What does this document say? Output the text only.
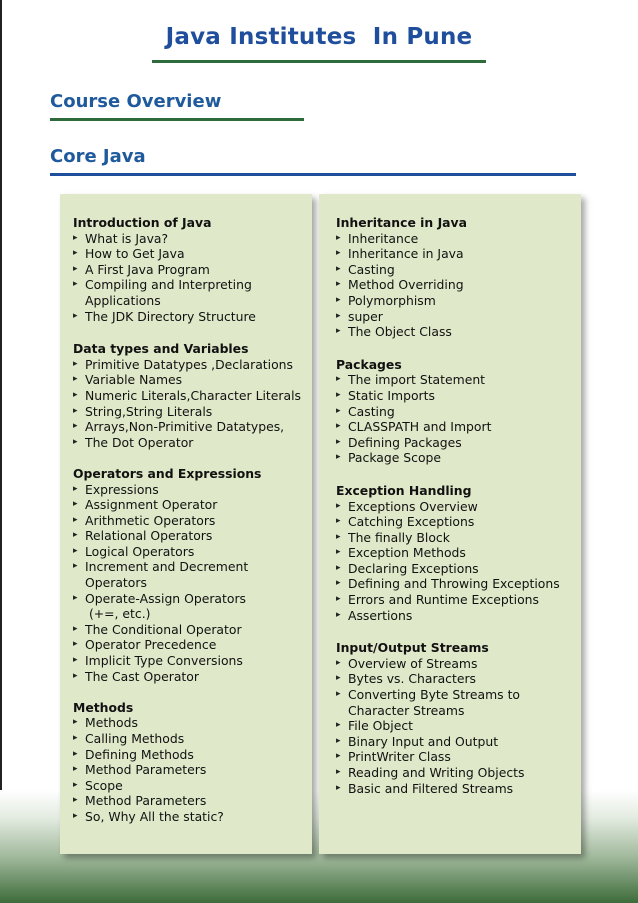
Java Institutes  In Pune
Course Overview
Core Java
Introduction of Java
▸ What is Java?
▸ How to Get Java
▸ A First Java Program
▸ Compiling and Interpreting Applications
▸ The JDK Directory Structure
Data types and Variables
▸ Primitive Datatypes ,Declarations
▸ Variable Names
▸ Numeric Literals,Character Literals
▸ String,String Literals
▸ Arrays,Non-Primitive Datatypes,
▸ The Dot Operator
Operators and Expressions
▸ Expressions
▸ Assignment Operator
▸ Arithmetic Operators
▸ Relational Operators
▸ Logical Operators
▸ Increment and Decrement Operators
▸ Operate-Assign Operators
(+=, etc.)
▸ The Conditional Operator
▸ Operator Precedence
▸ Implicit Type Conversions
▸ The Cast Operator
Methods
▸ Methods
▸ Calling Methods
▸ Defining Methods
▸ Method Parameters
▸ Scope
▸ Method Parameters
▸ So, Why All the static?
Inheritance in Java
▸ Inheritance
▸ Inheritance in Java
▸ Casting
▸ Method Overriding
▸ Polymorphism
▸ super
▸ The Object Class
Packages
▸ The import Statement
▸ Static Imports
▸ Casting
▸ CLASSPATH and Import
▸ Defining Packages
▸ Package Scope
Exception Handling
▸ Exceptions Overview
▸ Catching Exceptions
▸ The finally Block
▸ Exception Methods
▸ Declaring Exceptions
▸ Defining and Throwing Exceptions
▸ Errors and Runtime Exceptions
▸ Assertions
Input/Output Streams
▸ Overview of Streams
▸ Bytes vs. Characters
▸ Converting Byte Streams to Character Streams
▸ File Object
▸ Binary Input and Output
▸ PrintWriter Class
▸ Reading and Writing Objects
▸ Basic and Filtered Streams
